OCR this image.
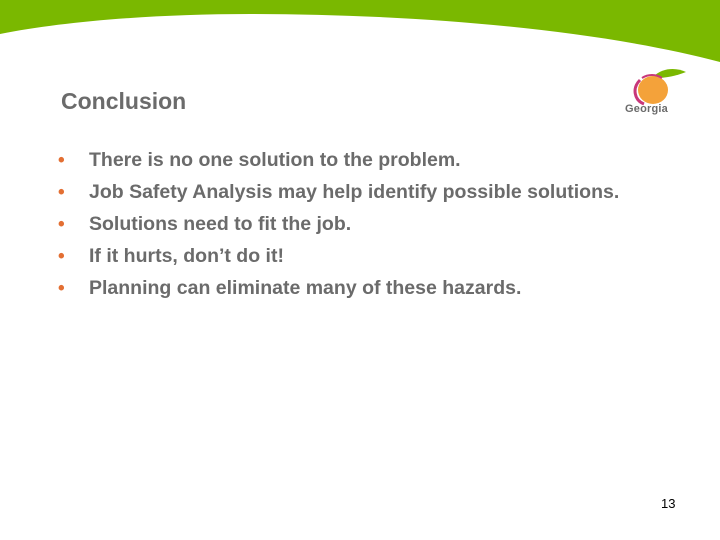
Conclusion	Georgia
• There is no one solution to the problem.
• Job Safety Analysis may help identify possible solutions.
• Solutions need to fit the job.
• If it hurts, don’t do it!
• Planning can eliminate many of these hazards.
13
